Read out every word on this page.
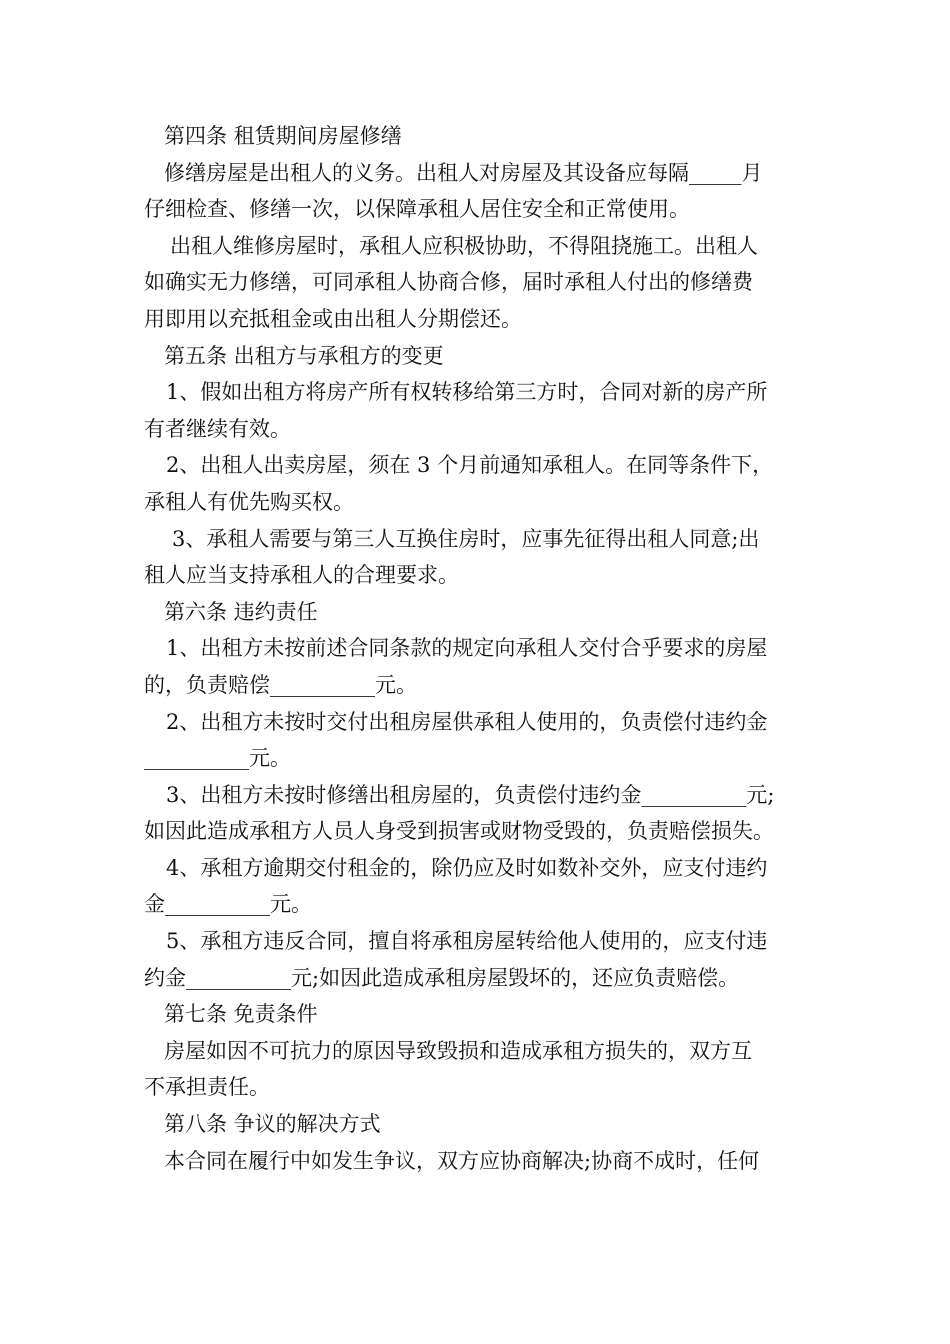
第四条 租赁期间房屋修缮
修缮房屋是出租人的义务。出租人对房屋及其设备应每隔_____月
仔细检查、修缮一次，以保障承租人居住安全和正常使用。
出租人维修房屋时，承租人应积极协助，不得阻挠施工。出租人
如确实无力修缮，可同承租人协商合修，届时承租人付出的修缮费
用即用以充抵租金或由出租人分期偿还。
第五条 出租方与承租方的变更
1、假如出租方将房产所有权转移给第三方时，合同对新的房产所
有者继续有效。
2、出租人出卖房屋，须在 3 个月前通知承租人。在同等条件下，
承租人有优先购买权。
3、承租人需要与第三人互换住房时，应事先征得出租人同意;出
租人应当支持承租人的合理要求。
第六条 违约责任
1、出租方未按前述合同条款的规定向承租人交付合乎要求的房屋
的，负责赔偿__________元。
2、出租方未按时交付出租房屋供承租人使用的，负责偿付违约金
__________元。
3、出租方未按时修缮出租房屋的，负责偿付违约金__________元;
如因此造成承租方人员人身受到损害或财物受毁的，负责赔偿损失。
4、承租方逾期交付租金的，除仍应及时如数补交外，应支付违约
金__________元。
5、承租方违反合同，擅自将承租房屋转给他人使用的，应支付违
约金__________元;如因此造成承租房屋毁坏的，还应负责赔偿。
第七条 免责条件
房屋如因不可抗力的原因导致毁损和造成承租方损失的，双方互
不承担责任。
第八条 争议的解决方式
本合同在履行中如发生争议，双方应协商解决;协商不成时，任何
